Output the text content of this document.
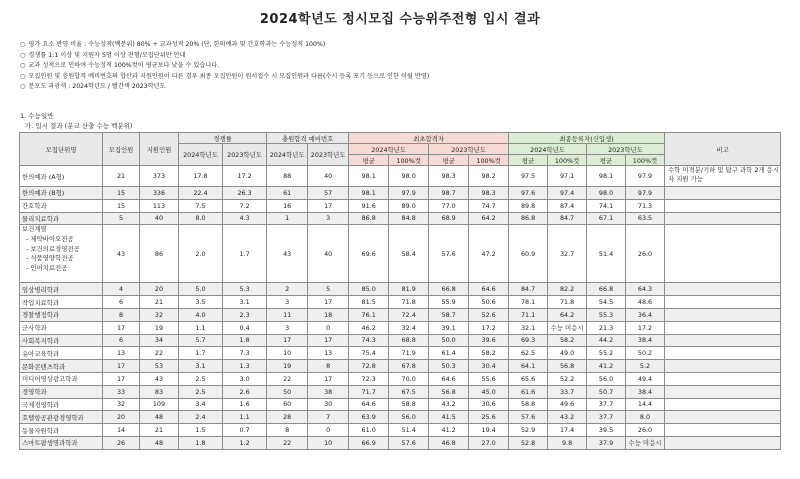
2024학년도 정시모집 수능위주전형 입시 결과
○ 평가 요소 반영 비율 : 수능성적(백분위) 80% + 교과성적 20% (단, 한의예과 및 간호학과는 수능성적 100%)
○ 경쟁률 1:1 이상 및 지원자 5명 이상 전형/모집단위만 안내
○ 교과 성적으로 인하여 수능성적 100%컷이 평균보다 낮을 수 있습니다.
○ 모집인원 및 충원합격 예비번호의 합산과 지원인원이 다른 경우 최종 모집인원이 원서접수 시 모집인원과 다름(수시 등록 포기 등으로 인한 이월 반영)
○ 분포도 과광색 : 2024학년도 / 빨간색 2023학년도
1. 수능일반
가. 입시 결과 (분교 산출 수능 백분위)
모집단위명	모집인원	지원인원	경쟁률		충원합격 예비번호		최초합격자				최종등록자(신입생)				비고
			2024학년도	2023학년도	2024학년도	2023학년도	2024학년도		2023학년도		2024학년도		2023학년도		
							평균	100%컷	평균	100%컷	평균	100%컷	평균	100%컷	
한의예과 (A형)	21	373	17.8	17.2	88	40	98.1	98.0	98.3	98.2	97.5	97.1	98.1	97.9	수학 미적분/기하 및 탐구 과학 2개 응시자 지원 가능
한의예과 (B형)	15	336	22.4	26.3	61	57	98.1	97.9	98.7	98.3	97.6	97.4	98.0	97.9	
간호학과	15	113	7.5	7.2	16	17	91.6	89.0	77.0	74.7	89.8	87.4	74.1	71.3	
물리치료학과	5	40	8.0	4.3	1	3	86.8	84.8	68.9	64.2	86.8	84.7	67.1	63.5	

보건계열
- 제약바이오전공
- 보건의료경영전공
- 식품영양학전공
- 언어치료전공	43	86	2.0	1.7	43	40	69.6	58.4	57.6	47.2	60.9	32.7	51.4	26.0	
임상병리학과	4	20	5.0	5.3	2	5	85.0	81.9	66.8	64.6	84.7	82.2	66.8	64.3	
작업치료학과	6	21	3.5	3.1	3	17	81.5	71.8	55.9	50.6	78.1	71.8	54.5	48.6	
경찰행정학과	8	32	4.0	2.3	11	18	76.1	72.4	58.7	52.6	71.1	64.2	55.3	36.4	
군사학과	17	19	1.1	0.4	3	0	46.2	32.4	39.1	17.2	32.1	수능 미응시	21.3	17.2	
사회복지학과	6	34	5.7	1.8	17	17	74.3	68.8	50.0	39.6	69.3	58.2	44.2	38.4	
유아교육학과	13	22	1.7	7.3	10	13	75.4	71.9	61.4	58.2	62.5	49.0	55.2	50.2	
문화콘텐츠학과	17	53	3.1	1.3	19	8	72.8	67.8	50.3	30.4	64.1	56.8	41.2	5.2	
미디어영상광고학과	17	43	2.5	3.0	22	17	72.3	70.0	64.6	55.6	65.6	52.2	56.0	49.4	
경영학과	33	83	2.5	2.6	50	38	71.7	67.5	56.8	45.0	61.6	33.7	50.7	38.4	
국제경영학과	32	109	3.4	1.6	60	30	64.6	58.8	43.2	30.6	58.8	49.6	37.7	14.4	
호텔항공관광경영학과	20	48	2.4	1.1	28	7	63.9	56.0	41.5	25.6	57.6	43.2	37.7	8.0	
동물자원학과	14	21	1.5	0.7	8	0	61.0	51.4	41.2	19.4	52.9	17.4	39.5	26.0	
스마트팜생명과학과	26	48	1.8	1.2	22	10	66.9	57.6	46.8	27.0	52.8	9.8	37.9	수능 미응시	
